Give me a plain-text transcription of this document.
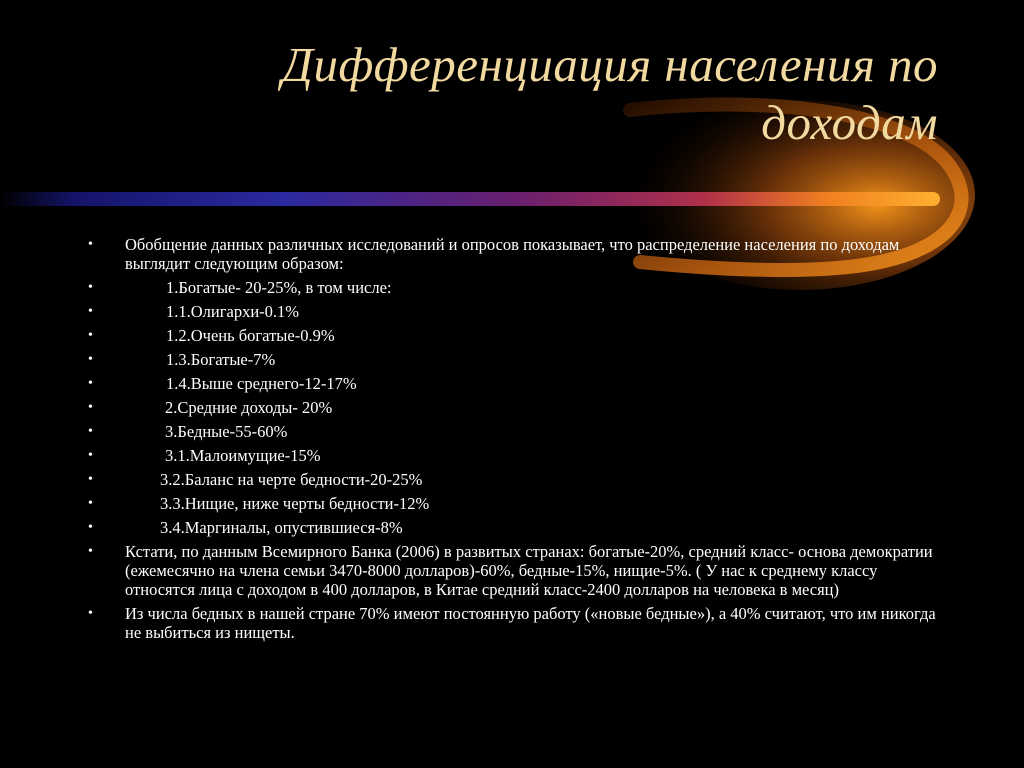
Дифференциация населения по
доходам
• Обобщение данных различных исследований и опросов показывает, что распределение населения по доходам выглядит следующим образом:
•	1.Богатые- 20-25%, в том числе:
•	1.1.Олигархи-0.1%
•	1.2.Очень богатые-0.9%
•	1.3.Богатые-7%
•	1.4.Выше среднего-12-17%
•	2.Средние доходы- 20%
•	3.Бедные-55-60%
•	3.1.Малоимущие-15%
•	3.2.Баланс на черте бедности-20-25%
•	3.3.Нищие, ниже черты бедности-12%
•	3.4.Маргиналы, опустившиеся-8%
• Кстати, по данным Всемирного Банка (2006) в развитых странах: богатые-20%, средний класс- основа демократии (ежемесячно на члена семьи 3470-8000 долларов)-60%, бедные-15%, нищие-5%. ( У нас к среднему классу относятся лица с доходом в 400 долларов, в Китае средний класс-2400 долларов на человека в месяц)
• Из числа бедных в нашей стране 70% имеют постоянную работу («новые бедные»), а 40% считают, что им никогда не выбиться из нищеты.
